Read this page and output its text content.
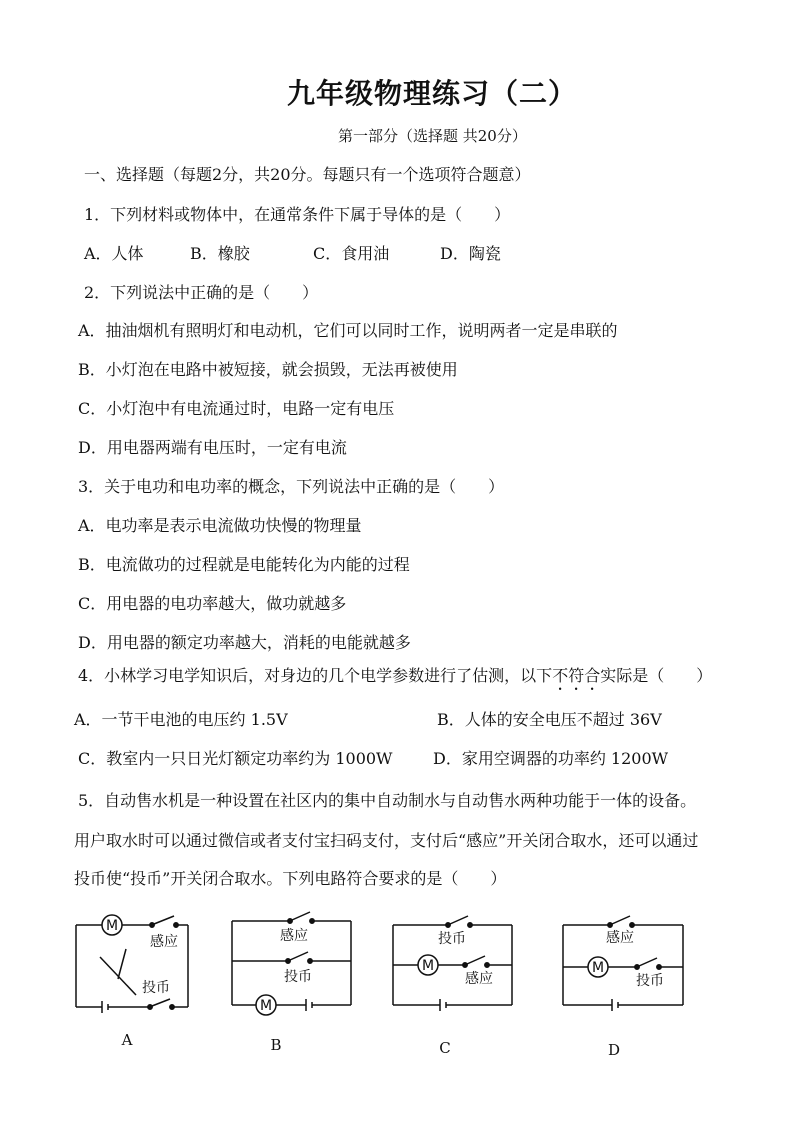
九年级物理练习（二）
第一部分（选择题 共20分）
一、选择题（每题2分，共20分。每题只有一个选项符合题意）
1．下列材料或物体中，在通常条件下属于导体的是（　　）
A．人体	B．橡胶	C．食用油	D．陶瓷
2．下列说法中正确的是（　　）
A．抽油烟机有照明灯和电动机，它们可以同时工作，说明两者一定是串联的
B．小灯泡在电路中被短接，就会损毁，无法再被使用
C．小灯泡中有电流通过时，电路一定有电压
D．用电器两端有电压时，一定有电流
3．关于电功和电功率的概念，下列说法中正确的是（　　）
A．电功率是表示电流做功快慢的物理量
B．电流做功的过程就是电能转化为内能的过程
C．用电器的电功率越大，做功就越多
D．用电器的额定功率越大，消耗的电能就越多
4．小林学习电学知识后，对身边的几个电学参数进行了估测，以下不符合实际是（　　）
A．一节干电池的电压约 1.5V	B．人体的安全电压不超过 36V
C．教室内一只日光灯额定功率约为 1000W	D．家用空调器的功率约 1200W
5．自动售水机是一种设置在社区内的集中自动制水与自动售水两种功能于一体的设备。
用户取水时可以通过微信或者支付宝扫码支付，支付后“感应”开关闭合取水，还可以通过
投币使“投币”开关闭合取水。下列电路符合要求的是（　　）
M
感应
投币
A
感应
投币
M
B
投币
M
感应
C
感应
M
投币
D
